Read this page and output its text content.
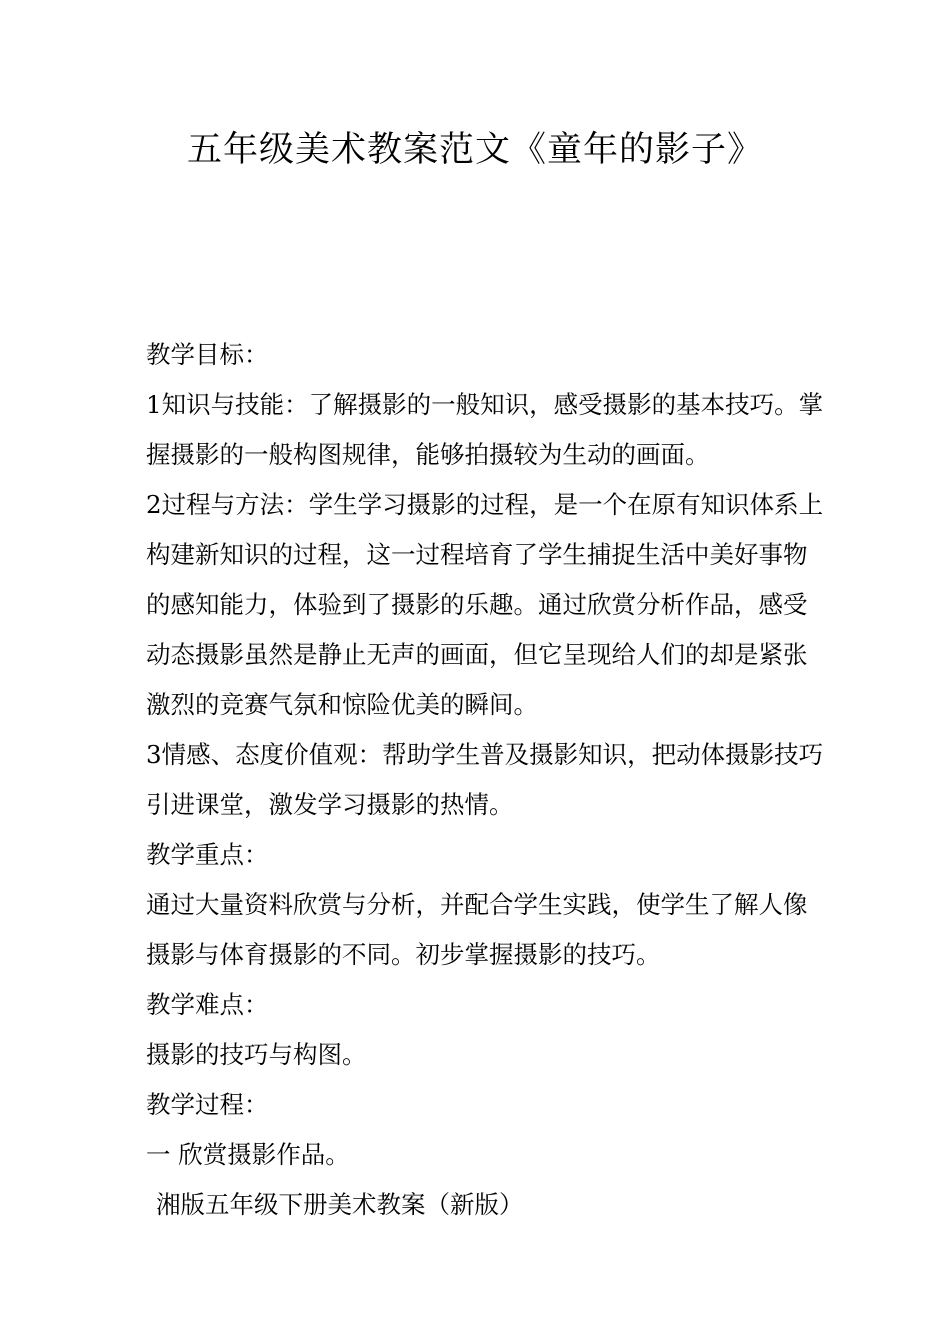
五年级美术教案范文《童年的影子》

教学目标：

1知识与技能：了解摄影的一般知识，感受摄影的基本技巧。掌握摄影的一般构图规律，能够拍摄较为生动的画面。

2过程与方法：学生学习摄影的过程，是一个在原有知识体系上构建新知识的过程，这一过程培育了学生捕捉生活中美好事物的感知能力，体验到了摄影的乐趣。通过欣赏分析作品，感受动态摄影虽然是静止无声的画面，但它呈现给人们的却是紧张激烈的竞赛气氛和惊险优美的瞬间。

3情感、态度价值观：帮助学生普及摄影知识，把动体摄影技巧引进课堂，激发学习摄影的热情。

教学重点：

通过大量资料欣赏与分析，并配合学生实践，使学生了解人像摄影与体育摄影的不同。初步掌握摄影的技巧。

教学难点：

摄影的技巧与构图。

教学过程：

一 欣赏摄影作品。

湘版五年级下册美术教案（新版）
